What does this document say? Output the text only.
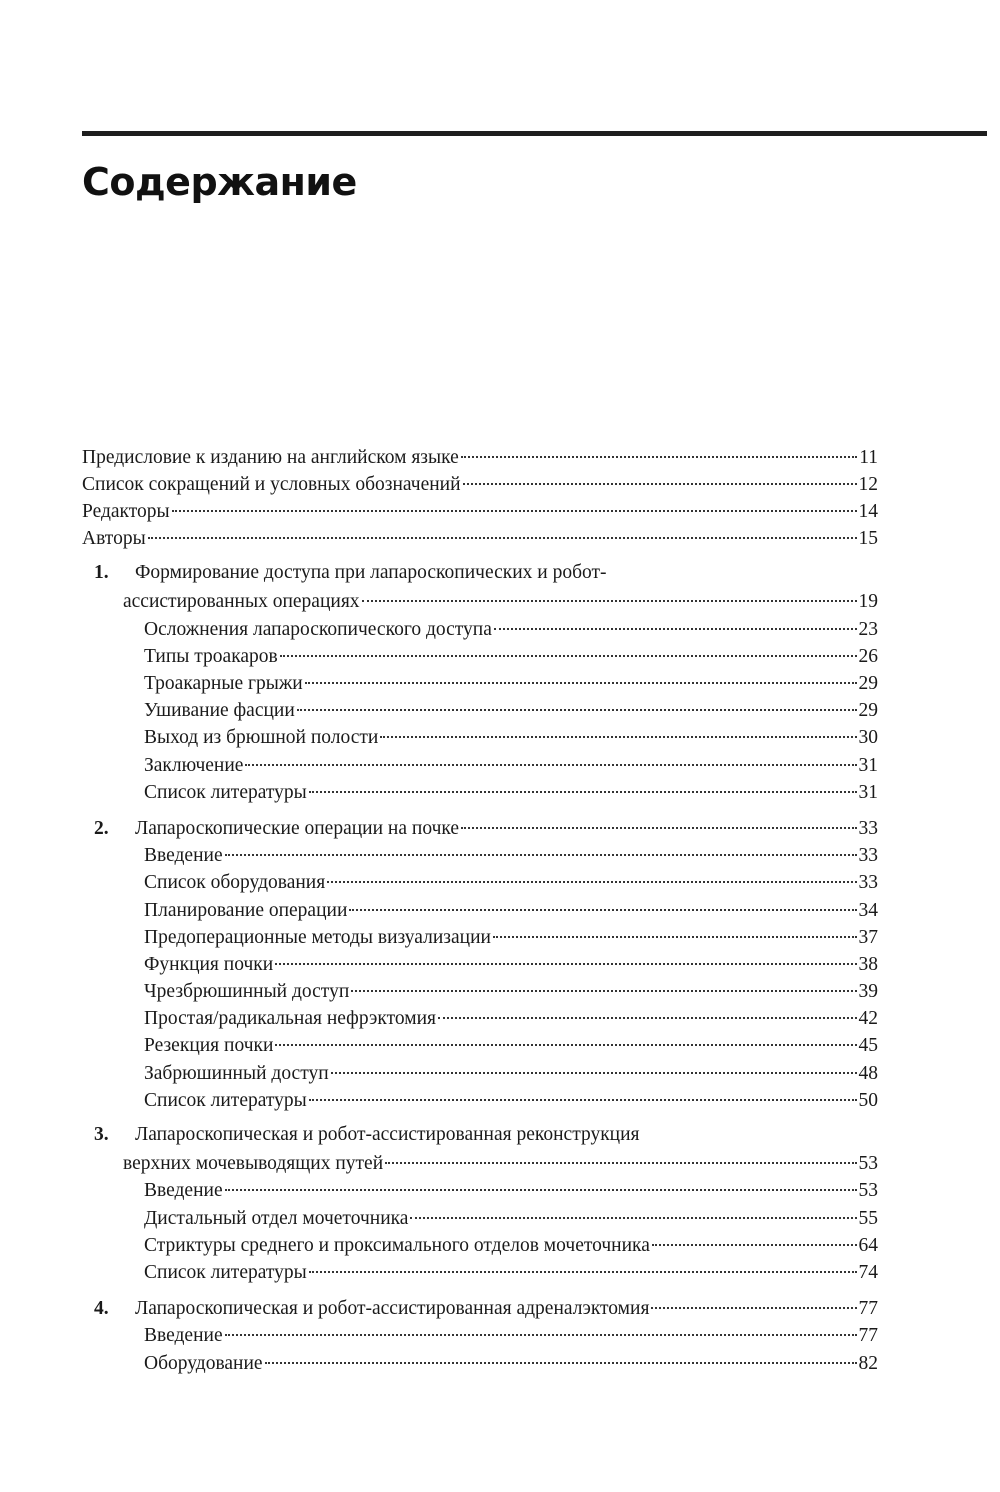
Содержание
Предисловие к изданию на английском языке	11
Список сокращений и условных обозначений	12
Редакторы	14
Авторы	15
1.	Формирование доступа при лапароскопических и робот-
ассистированных операциях	19
Осложнения лапароскопического доступа	23
Типы троакаров	26
Троакарные грыжи	29
Ушивание фасции	29
Выход из брюшной полости	30
Заключение	31
Список литературы	31
2.	Лапароскопические операции на почке	33
Введение	33
Список оборудования	33
Планирование операции	34
Предоперационные методы визуализации	37
Функция почки	38
Чрезбрюшинный доступ	39
Простая/радикальная нефрэктомия	42
Резекция почки	45
Забрюшинный доступ	48
Список литературы	50
3.	Лапароскопическая и робот-ассистированная реконструкция
верхних мочевыводящих путей	53
Введение	53
Дистальный отдел мочеточника	55
Стриктуры среднего и проксимального отделов мочеточника	64
Список литературы	74
4.	Лапароскопическая и робот-ассистированная адреналэктомия	77
Введение	77
Оборудование	82
